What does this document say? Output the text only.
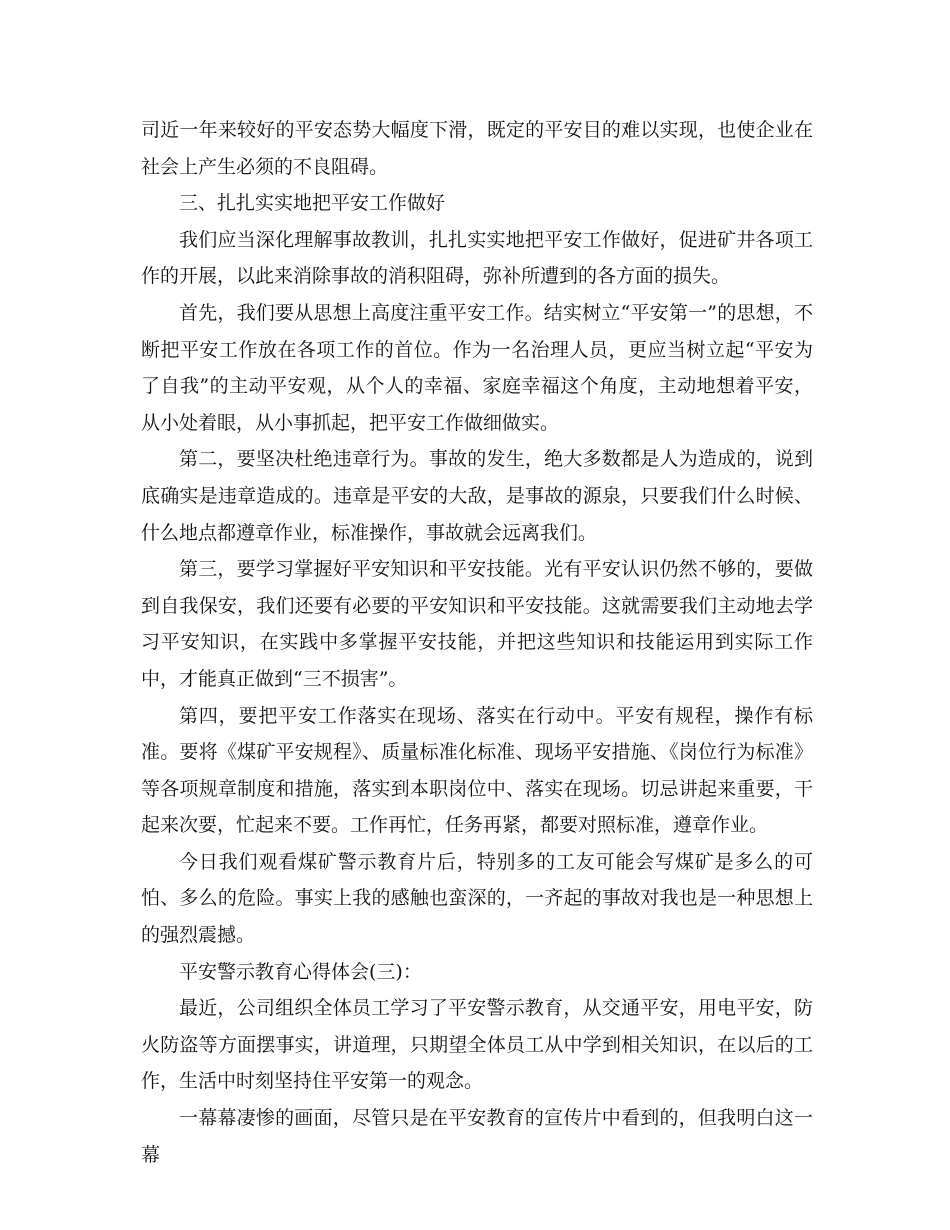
司近一年来较好的平安态势大幅度下滑，既定的平安目的难以实现，也使企业在社会上产生必须的不良阻碍。

三、扎扎实实地把平安工作做好

我们应当深化理解事故教训，扎扎实实地把平安工作做好，促进矿井各项工作的开展，以此来消除事故的消积阻碍，弥补所遭到的各方面的损失。

首先，我们要从思想上高度注重平安工作。结实树立“平安第一”的思想，不断把平安工作放在各项工作的首位。作为一名治理人员，更应当树立起“平安为了自我”的主动平安观，从个人的幸福、家庭幸福这个角度，主动地想着平安，从小处着眼，从小事抓起，把平安工作做细做实。

第二，要坚决杜绝违章行为。事故的发生，绝大多数都是人为造成的，说到底确实是违章造成的。违章是平安的大敌，是事故的源泉，只要我们什么时候、什么地点都遵章作业，标准操作，事故就会远离我们。

第三，要学习掌握好平安知识和平安技能。光有平安认识仍然不够的，要做到自我保安，我们还要有必要的平安知识和平安技能。这就需要我们主动地去学习平安知识，在实践中多掌握平安技能，并把这些知识和技能运用到实际工作中，才能真正做到“三不损害”。

第四，要把平安工作落实在现场、落实在行动中。平安有规程，操作有标准。要将《煤矿平安规程》、质量标准化标准、现场平安措施、《岗位行为标准》等各项规章制度和措施，落实到本职岗位中、落实在现场。切忌讲起来重要，干起来次要，忙起来不要。工作再忙，任务再紧，都要对照标准，遵章作业。

今日我们观看煤矿警示教育片后，特别多的工友可能会写煤矿是多么的可怕、多么的危险。事实上我的感触也蛮深的，一齐起的事故对我也是一种思想上的强烈震撼。

平安警示教育心得体会(三)：

最近，公司组织全体员工学习了平安警示教育，从交通平安，用电平安，防火防盗等方面摆事实，讲道理，只期望全体员工从中学到相关知识，在以后的工作，生活中时刻坚持住平安第一的观念。

一幕幕凄惨的画面，尽管只是在平安教育的宣传片中看到的，但我明白这一幕
